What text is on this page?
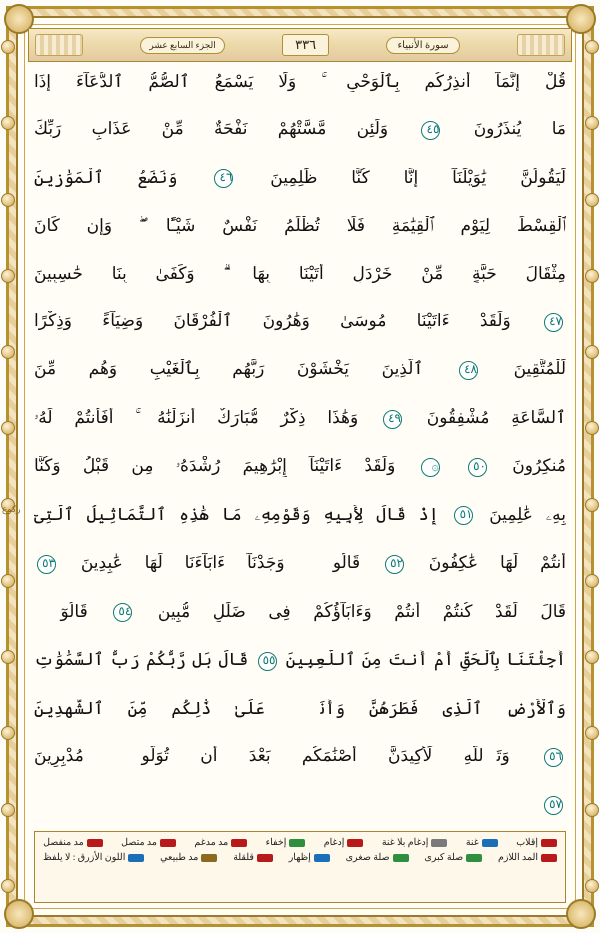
الجزء السابع عشر	٣٣٦	سورة الأنبياء
قُلْ إِنَّمَآ أُنذِرُكُم بِٱلْوَحْىِ ۚ وَلَا يَسْمَعُ ٱلصُّمُّ ٱلدُّعَآءَ إِذَا
مَا يُنذَرُونَ ٤٥ وَلَئِن مَّسَّتْهُمْ نَفْحَةٌ مِّنْ عَذَابِ رَبِّكَ
لَيَقُولُنَّ يَٰوَيْلَنَآ إِنَّا كُنَّا ظَٰلِمِينَ ٤٦ وَنَضَعُ ٱلْمَوَٰزِينَ
ٱلْقِسْطَ لِيَوْمِ ٱلْقِيَٰمَةِ فَلَا تُظْلَمُ نَفْسٌ شَيْـًٔا ۖ وَإِن كَانَ
مِثْقَالَ حَبَّةٍ مِّنْ خَرْدَلٍ أَتَيْنَا بِهَا ۗ وَكَفَىٰ بِنَا حَٰسِبِينَ
٤٧ وَلَقَدْ ءَاتَيْنَا مُوسَىٰ وَهَٰرُونَ ٱلْفُرْقَانَ وَضِيَآءً وَذِكْرًا
لِّلْمُتَّقِينَ ٤٨ ٱلَّذِينَ يَخْشَوْنَ رَبَّهُم بِٱلْغَيْبِ وَهُم مِّنَ
ٱلسَّاعَةِ مُشْفِقُونَ ٤٩ وَهَٰذَا ذِكْرٌ مُّبَارَكٌ أَنزَلْنَٰهُ ۚ أَفَأَنتُمْ لَهُۥ
مُنكِرُونَ ٥٠ ۞ وَلَقَدْ ءَاتَيْنَآ إِبْرَٰهِيمَ رُشْدَهُۥ مِن قَبْلُ وَكُنَّا
بِهِۦ عَٰلِمِينَ ٥١ إِذْ قَالَ لِأَبِيهِ وَقَوْمِهِۦ مَا هَٰذِهِ ٱلتَّمَاثِيلُ ٱلَّتِىٓ
أَنتُمْ لَهَا عَٰكِفُونَ ٥٢ قَالُوا۟ وَجَدْنَآ ءَابَآءَنَا لَهَا عَٰبِدِينَ ٥٣
قَالَ لَقَدْ كُنتُمْ أَنتُمْ وَءَابَآؤُكُمْ فِى ضَلَٰلٍ مُّبِينٍ ٥٤ قَالُوٓا۟
أَجِئْتَنَا بِٱلْحَقِّ أَمْ أَنتَ مِنَ ٱللَّٰعِبِينَ ٥٥ قَالَ بَل رَّبُّكُمْ رَبُّ ٱلسَّمَٰوَٰتِ
وَٱلْأَرْضِ ٱلَّذِى فَطَرَهُنَّ وَأَنَا۠ عَلَىٰ ذَٰلِكُم مِّنَ ٱلشَّٰهِدِينَ
٥٦ وَتَٱللَّهِ لَأَكِيدَنَّ أَصْنَٰمَكُم بَعْدَ أَن تُوَلُّوا۟ مُدْبِرِينَ
٥٧
ركوع
إقلاب
غنة
إدغام بلا غنة
إدغام
إخفاء
مد مدغم
مد متصل
مد منفصل
المد اللازم
صلة كبرى
صلة صغرى
إظهار
قلقلة
مد طبيعي
اللون الأزرق : لا يلفظ
